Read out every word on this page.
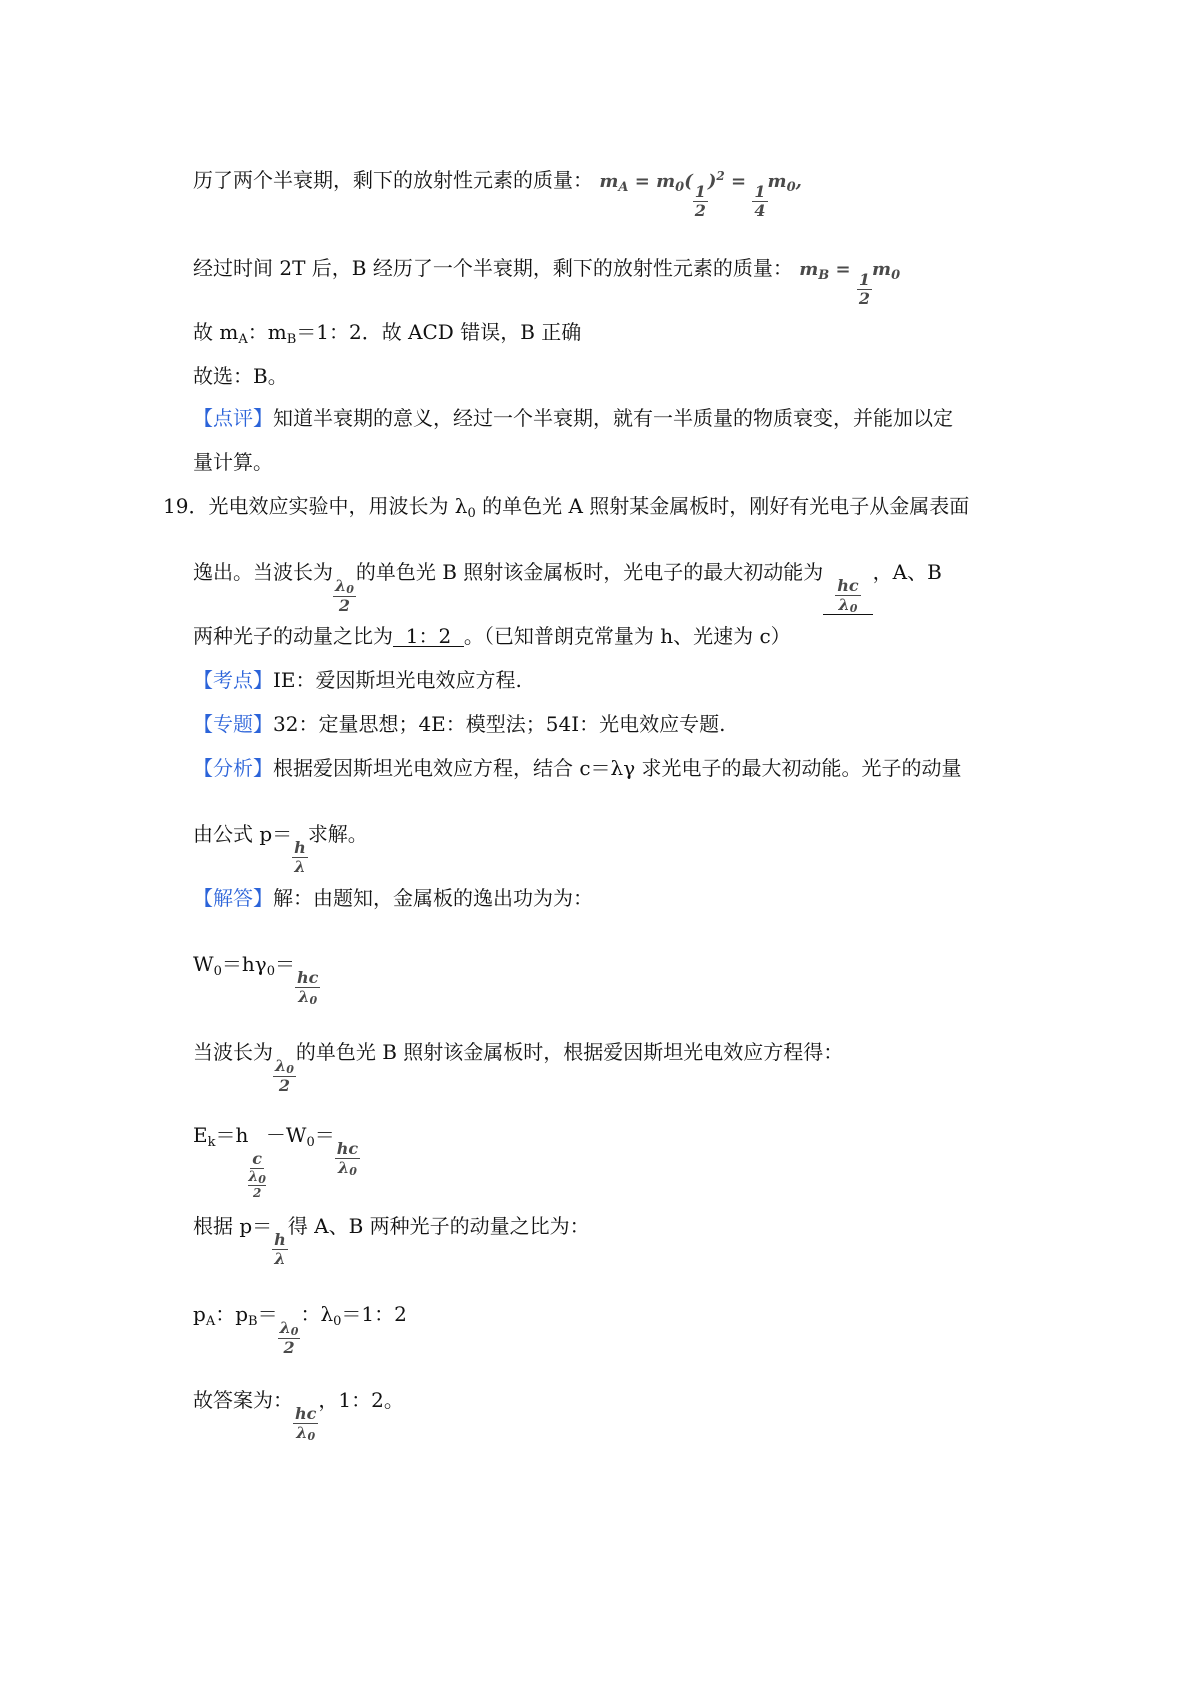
历了两个半衰期，剩下的放射性元素的质量： $m_A = m_0$(
$\frac{1}{2}$
)$^2$ =
$\frac{1}{4}$
$m_0$,
经过时间 2T 后，B 经历了一个半衰期，剩下的放射性元素的质量： $m_B$ =
$\frac{1}{2}$
$m_0$
故 $m_A$：$m_B=1$：2．故 ACD 错误，B 正确
故选：B。
【点评】知道半衰期的意义，经过一个半衰期，就有一半质量的物质衰变，并能加以定
量计算。
19．光电效应实验中，用波长为 $\lambda_0$ 的单色光 A 照射某金属板时，刚好有光电子从金属表面
逸出。当波长为
$\frac{\lambda 0}{2}$
的单色光 B 照射该金属板时，光电子的最大初动能为
$\frac{hc}{\lambda 0}$
，A、B
两种光子的动量之比为  1：2  。（已知普朗克常量为 h、光速为 c）
【考点】IE：爱因斯坦光电效应方程.
【专题】32：定量思想；4E：模型法；54I：光电效应专题.
【分析】根据爱因斯坦光电效应方程，结合 c＝λγ 求光电子的最大初动能。光子的动量
由公式 p＝
$\frac{h}{\lambda}$
求解。
【解答】解：由题知，金属板的逸出功为为：
$W_0=h\gamma_0=$
$\frac{hc}{\lambda 0}$
当波长为
$\frac{\lambda 0}{2}$
的单色光 B 照射该金属板时，根据爱因斯坦光电效应方程得：
$E_k=h$
c
λ0
2
$-W_0=$
$\frac{hc}{\lambda 0}$
根据 p＝
$\frac{h}{\lambda}$
得 A、B 两种光子的动量之比为：
$p_A$：$p_B=$
$\frac{\lambda 0}{2}$
：$\lambda_0=1$：2
故答案为：
$\frac{hc}{\lambda 0}$
，1：2。
